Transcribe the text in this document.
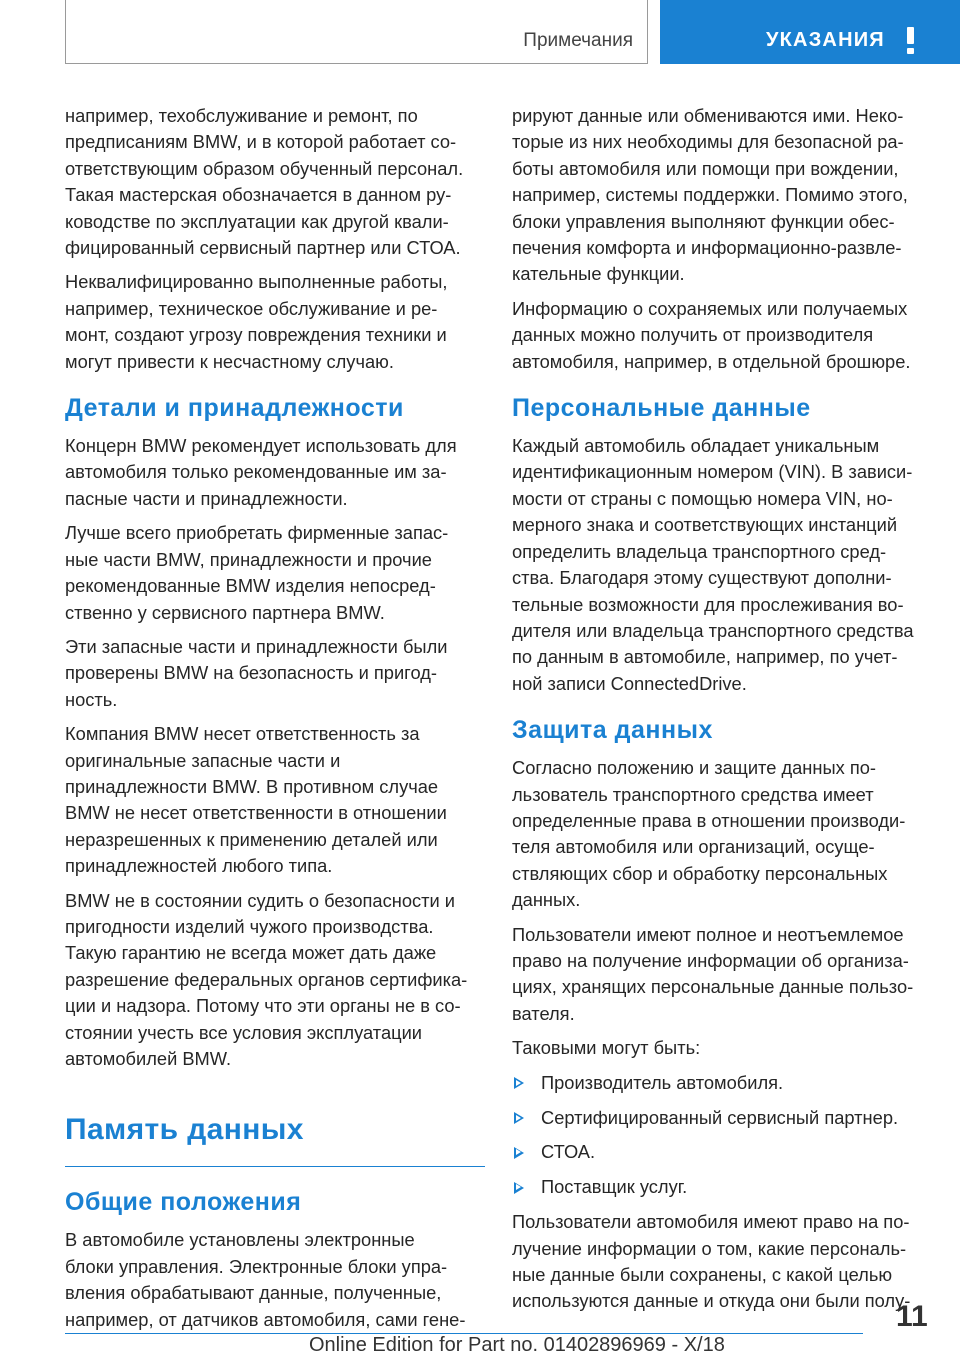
Примечания	УКАЗАНИЯ

например, техобслуживание и ремонт, по
предписаниям BMW, и в которой работает со-
ответствующим образом обученный персонал.
Такая мастерская обозначается в данном ру-
ководстве по эксплуатации как другой квали-
фицированный сервисный партнер или СТОА.

Неквалифицированно выполненные работы,
например, техническое обслуживание и ре-
монт, создают угрозу повреждения техники и
могут привести к несчастному случаю.

Детали и принадлежности

Концерн BMW рекомендует использовать для
автомобиля только рекомендованные им за-
пасные части и принадлежности.

Лучше всего приобретать фирменные запас-
ные части BMW, принадлежности и прочие
рекомендованные BMW изделия непосред-
ственно у сервисного партнера BMW.

Эти запасные части и принадлежности были
проверены BMW на безопасность и пригод-
ность.

Компания BMW несет ответственность за
оригинальные запасные части и
принадлежности BMW. В противном случае
BMW не несет ответственности в отношении
неразрешенных к применению деталей или
принадлежностей любого типа.

BMW не в состоянии судить о безопасности и
пригодности изделий чужого производства.
Такую гарантию не всегда может дать даже
разрешение федеральных органов сертифика-
ции и надзора. Потому что эти органы не в со-
стоянии учесть все условия эксплуатации
автомобилей BMW.

Память данных
Общие положения

В автомобиле установлены электронные
блоки управления. Электронные блоки упра-
вления обрабатывают данные, полученные,
например, от датчиков автомобиля, сами гене-

рируют данные или обмениваются ими. Неко-
торые из них необходимы для безопасной ра-
боты автомобиля или помощи при вождении,
например, системы поддержки. Помимо этого,
блоки управления выполняют функции обес-
печения комфорта и информационно-развле-
кательные функции.

Информацию о сохраняемых или получаемых
данных можно получить от производителя
автомобиля, например, в отдельной брошюре.

Персональные данные

Каждый автомобиль обладает уникальным
идентификационным номером (VIN). В зависи-
мости от страны с помощью номера VIN, но-
мерного знака и соответствующих инстанций
определить владельца транспортного сред-
ства. Благодаря этому существуют дополни-
тельные возможности для прослеживания во-
дителя или владельца транспортного средства
по данным в автомобиле, например, по учет-
ной записи ConnectedDrive.

Защита данных

Согласно положению и защите данных по-
льзователь транспортного средства имеет
определенные права в отношении производи-
теля автомобиля или организаций, осуще-
ствляющих сбор и обработку персональных
данных.

Пользователи имеют полное и неотъемлемое
право на получение информации об организа-
циях, хранящих персональные данные пользо-
вателя.

Таковыми могут быть:

Производитель автомобиля.
Сертифицированный сервисный партнер.
СТОА.
Поставщик услуг.

Пользователи автомобиля имеют право на по-
лучение информации о том, какие персональ-
ные данные были сохранены, с какой целью
используются данные и откуда они были полу-

11
Online Edition for Part no. 01402896969 - X/18
